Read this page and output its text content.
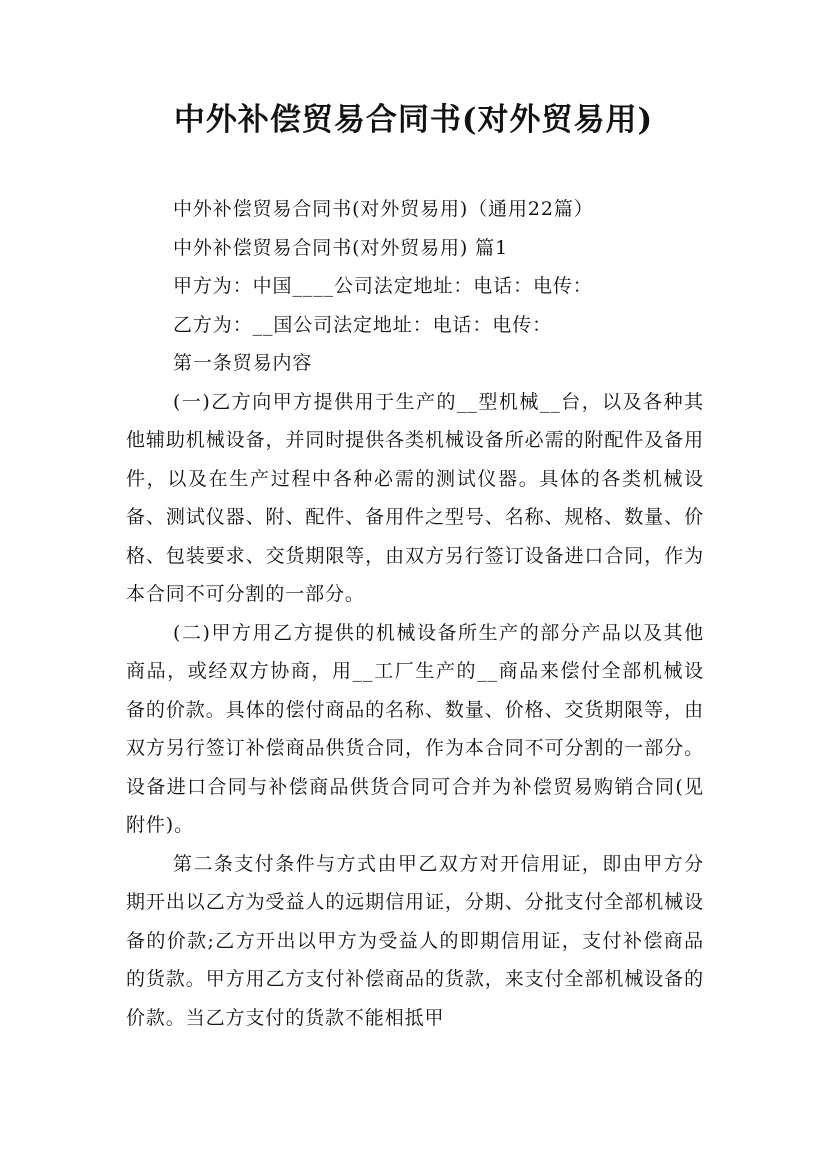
中外补偿贸易合同书(对外贸易用)
中外补偿贸易合同书(对外贸易用)（通用22篇）
中外补偿贸易合同书(对外贸易用) 篇1
甲方为：中国____公司法定地址：电话：电传：
乙方为：__国公司法定地址：电话：电传：
第一条贸易内容

(一)乙方向甲方提供用于生产的__型机械__台，以及各种其他辅助机械设备，并同时提供各类机械设备所必需的附配件及备用件，以及在生产过程中各种必需的测试仪器。具体的各类机械设备、测试仪器、附、配件、备用件之型号、名称、规格、数量、价格、包装要求、交货期限等，由双方另行签订设备进口合同，作为本合同不可分割的一部分。

(二)甲方用乙方提供的机械设备所生产的部分产品以及其他商品，或经双方协商，用__工厂生产的__商品来偿付全部机械设备的价款。具体的偿付商品的名称、数量、价格、交货期限等，由双方另行签订补偿商品供货合同，作为本合同不可分割的一部分。设备进口合同与补偿商品供货合同可合并为补偿贸易购销合同(见附件)。

第二条支付条件与方式由甲乙双方对开信用证，即由甲方分期开出以乙方为受益人的远期信用证，分期、分批支付全部机械设备的价款;乙方开出以甲方为受益人的即期信用证，支付补偿商品的货款。甲方用乙方支付补偿商品的货款，来支付全部机械设备的价款。当乙方支付的货款不能相抵甲
